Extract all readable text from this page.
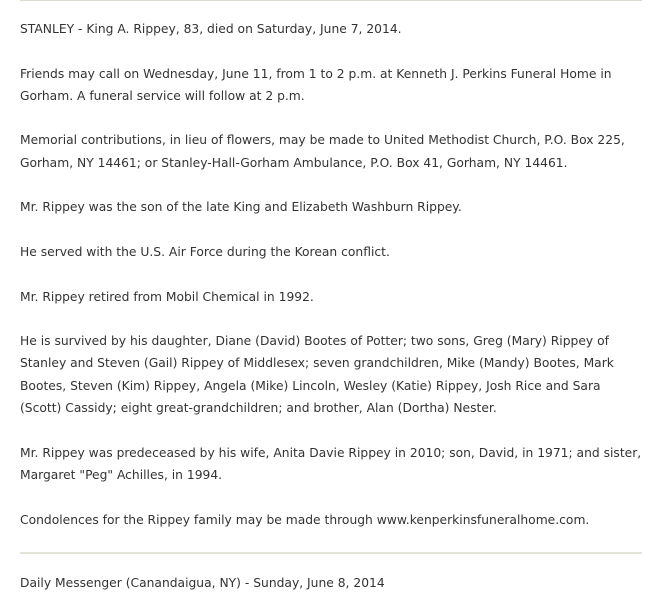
STANLEY - King A. Rippey, 83, died on Saturday, June 7, 2014.

Friends may call on Wednesday, June 11, from 1 to 2 p.m. at Kenneth J. Perkins Funeral Home in Gorham. A funeral service will follow at 2 p.m.

Memorial contributions, in lieu of flowers, may be made to United Methodist Church, P.O. Box 225, Gorham, NY 14461; or Stanley-Hall-Gorham Ambulance, P.O. Box 41, Gorham, NY 14461.

Mr. Rippey was the son of the late King and Elizabeth Washburn Rippey.

He served with the U.S. Air Force during the Korean conflict.

Mr. Rippey retired from Mobil Chemical in 1992.

He is survived by his daughter, Diane (David) Bootes of Potter; two sons, Greg (Mary) Rippey of Stanley and Steven (Gail) Rippey of Middlesex; seven grandchildren, Mike (Mandy) Bootes, Mark Bootes, Steven (Kim) Rippey, Angela (Mike) Lincoln, Wesley (Katie) Rippey, Josh Rice and Sara (Scott) Cassidy; eight great-grandchildren; and brother, Alan (Dortha) Nester.

Mr. Rippey was predeceased by his wife, Anita Davie Rippey in 2010; son, David, in 1971; and sister, Margaret "Peg" Achilles, in 1994.

Condolences for the Rippey family may be made through www.kenperkinsfuneralhome.com.

Daily Messenger (Canandaigua, NY) - Sunday, June 8, 2014
